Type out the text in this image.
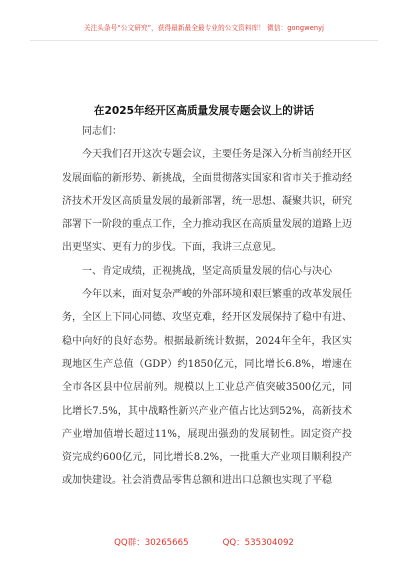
关注头条号“公文研究”，获得最新最全最专业的公文资料库！ 微信：gongwenyj
在2025年经开区高质量发展专题会议上的讲话

同志们：

今天我们召开这次专题会议，主要任务是深入分析当前经开区发展面临的新形势、新挑战，全面贯彻落实国家和省市关于推动经济技术开发区高质量发展的最新部署，统一思想、凝聚共识，研究部署下一阶段的重点工作，全力推动我区在高质量发展的道路上迈出更坚实、更有力的步伐。下面，我讲三点意见。

一、肯定成绩，正视挑战，坚定高质量发展的信心与决心

今年以来，面对复杂严峻的外部环境和艰巨繁重的改革发展任务，全区上下同心同德、攻坚克难，经开区发展保持了稳中有进、稳中向好的良好态势。根据最新统计数据，2024年全年，我区实现地区生产总值（GDP）约1850亿元，同比增长6.8%，增速在全市各区县中位居前列。规模以上工业总产值突破3500亿元，同比增长7.5%，其中战略性新兴产业产值占比达到52%，高新技术产业增加值增长超过11%，展现出强劲的发展韧性。固定资产投资完成约600亿元，同比增长8.2%，一批重大产业项目顺利投产或加快建设。社会消费品零售总额和进出口总额也实现了平稳

QQ群：30265665	QQ：535304092
